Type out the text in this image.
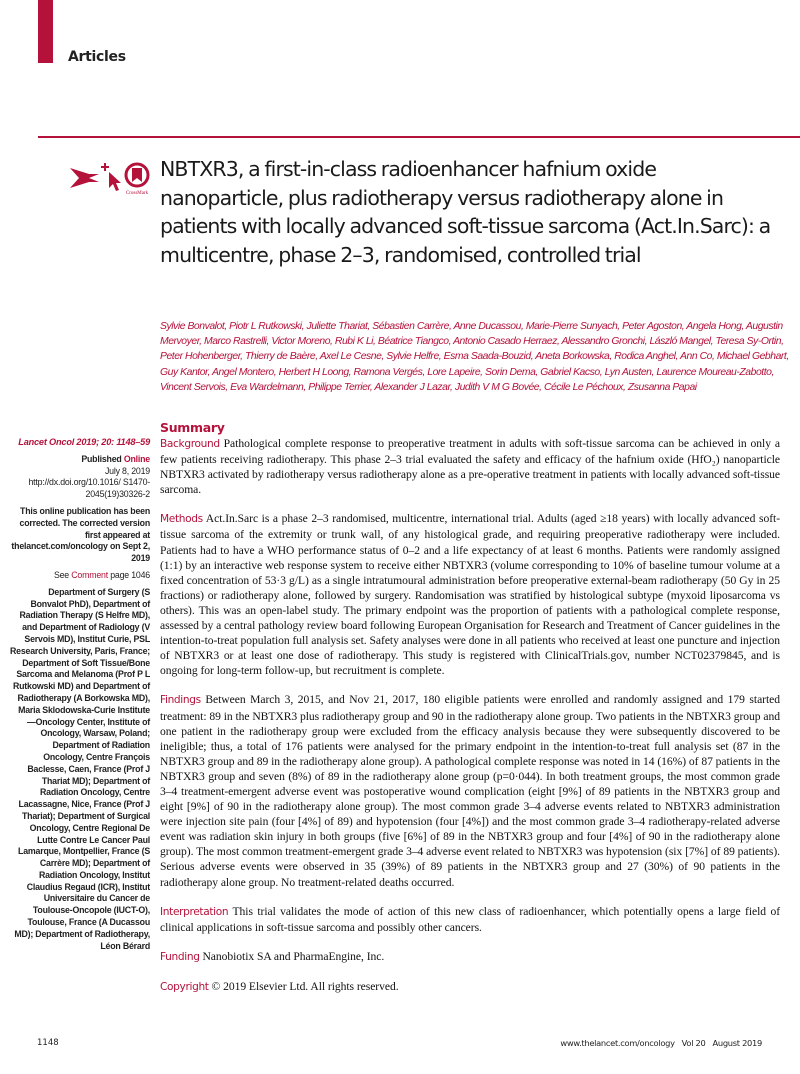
Articles
CrossMark
NBTXR3, a first-in-class radioenhancer hafnium oxide nanoparticle, plus radiotherapy versus radiotherapy alone in patients with locally advanced soft-tissue sarcoma (Act.In.Sarc): a multicentre, phase 2–3, randomised, controlled trial
Sylvie Bonvalot, Piotr L Rutkowski, Juliette Thariat, Sébastien Carrère, Anne Ducassou, Marie-Pierre Sunyach, Peter Agoston, Angela Hong, Augustin Mervoyer, Marco Rastrelli, Victor Moreno, Rubi K Li, Béatrice Tiangco, Antonio Casado Herraez, Alessandro Gronchi, László Mangel, Teresa Sy-Ortin, Peter Hohenberger, Thierry de Baère, Axel Le Cesne, Sylvie Helfre, Esma Saada-Bouzid, Aneta Borkowska, Rodica Anghel, Ann Co, Michael Gebhart, Guy Kantor, Angel Montero, Herbert H Loong, Ramona Vergés, Lore Lapeire, Sorin Dema, Gabriel Kacso, Lyn Austen, Laurence Moureau-Zabotto, Vincent Servois, Eva Wardelmann, Philippe Terrier, Alexander J Lazar, Judith V M G Bovée, Cécile Le Péchoux, Zsusanna Papai

Lancet Oncol 2019; 20: 1148–59

Published Online
July 8, 2019
http://dx.doi.org/10.1016/ S1470-2045(19)30326-2

This online publication has been corrected. The corrected version first appeared at thelancet.com/oncology on Sept 2, 2019

See Comment page 1046

Department of Surgery (S Bonvalot PhD), Department of Radiation Therapy (S Helfre MD), and Department of Radiology (V Servois MD), Institut Curie, PSL Research University, Paris, France; Department of Soft Tissue/Bone Sarcoma and Melanoma (Prof P L Rutkowski MD) and Department of Radiotherapy (A Borkowska MD), Maria Sklodowska-Curie Institute—Oncology Center, Institute of Oncology, Warsaw, Poland; Department of Radiation Oncology, Centre François Baclesse, Caen, France (Prof J Thariat MD); Department of Radiation Oncology, Centre Lacassagne, Nice, France (Prof J Thariat); Department of Surgical Oncology, Centre Regional De Lutte Contre Le Cancer Paul Lamarque, Montpellier, France (S Carrère MD); Department of Radiation Oncology, Institut Claudius Regaud (ICR), Institut Universitaire du Cancer de Toulouse-Oncopole (IUCT-O), Toulouse, France (A Ducassou MD); Department of Radiotherapy, Léon Bérard

Summary

Background Pathological complete response to preoperative treatment in adults with soft-tissue sarcoma can be achieved in only a few patients receiving radiotherapy. This phase 2–3 trial evaluated the safety and efficacy of the hafnium oxide (HfO₂) nanoparticle NBTXR3 activated by radiotherapy versus radiotherapy alone as a pre-operative treatment in patients with locally advanced soft-tissue sarcoma.

Methods Act.In.Sarc is a phase 2–3 randomised, multicentre, international trial. Adults (aged ≥18 years) with locally advanced soft-tissue sarcoma of the extremity or trunk wall, of any histological grade, and requiring preoperative radiotherapy were included. Patients had to have a WHO performance status of 0–2 and a life expectancy of at least 6 months. Patients were randomly assigned (1:1) by an interactive web response system to receive either NBTXR3 (volume corresponding to 10% of baseline tumour volume at a fixed concentration of 53·3 g/L) as a single intratumoural administration before preoperative external-beam radiotherapy (50 Gy in 25 fractions) or radiotherapy alone, followed by surgery. Randomisation was stratified by histological subtype (myxoid liposarcoma vs others). This was an open-label study. The primary endpoint was the proportion of patients with a pathological complete response, assessed by a central pathology review board following European Organisation for Research and Treatment of Cancer guidelines in the intention-to-treat population full analysis set. Safety analyses were done in all patients who received at least one puncture and injection of NBTXR3 or at least one dose of radiotherapy. This study is registered with ClinicalTrials.gov, number NCT02379845, and is ongoing for long-term follow-up, but recruitment is complete.

Findings Between March 3, 2015, and Nov 21, 2017, 180 eligible patients were enrolled and randomly assigned and 179 started treatment: 89 in the NBTXR3 plus radiotherapy group and 90 in the radiotherapy alone group. Two patients in the NBTXR3 group and one patient in the radiotherapy group were excluded from the efficacy analysis because they were subsequently discovered to be ineligible; thus, a total of 176 patients were analysed for the primary endpoint in the intention-to-treat full analysis set (87 in the NBTXR3 group and 89 in the radiotherapy alone group). A pathological complete response was noted in 14 (16%) of 87 patients in the NBTXR3 group and seven (8%) of 89 in the radiotherapy alone group (p=0·044). In both treatment groups, the most common grade 3–4 treatment-emergent adverse event was postoperative wound complication (eight [9%] of 89 patients in the NBTXR3 group and eight [9%] of 90 in the radiotherapy alone group). The most common grade 3–4 adverse events related to NBTXR3 administration were injection site pain (four [4%] of 89) and hypotension (four [4%]) and the most common grade 3–4 radiotherapy-related adverse event was radiation skin injury in both groups (five [6%] of 89 in the NBTXR3 group and four [4%] of 90 in the radiotherapy alone group). The most common treatment-emergent grade 3–4 adverse event related to NBTXR3 was hypotension (six [7%] of 89 patients). Serious adverse events were observed in 35 (39%) of 89 patients in the NBTXR3 group and 27 (30%) of 90 patients in the radiotherapy alone group. No treatment-related deaths occurred.

Interpretation This trial validates the mode of action of this new class of radioenhancer, which potentially opens a large field of clinical applications in soft-tissue sarcoma and possibly other cancers.

Funding Nanobiotix SA and PharmaEngine, Inc.

Copyright © 2019 Elsevier Ltd. All rights reserved.

1148	www.thelancet.com/oncology   Vol 20   August 2019
